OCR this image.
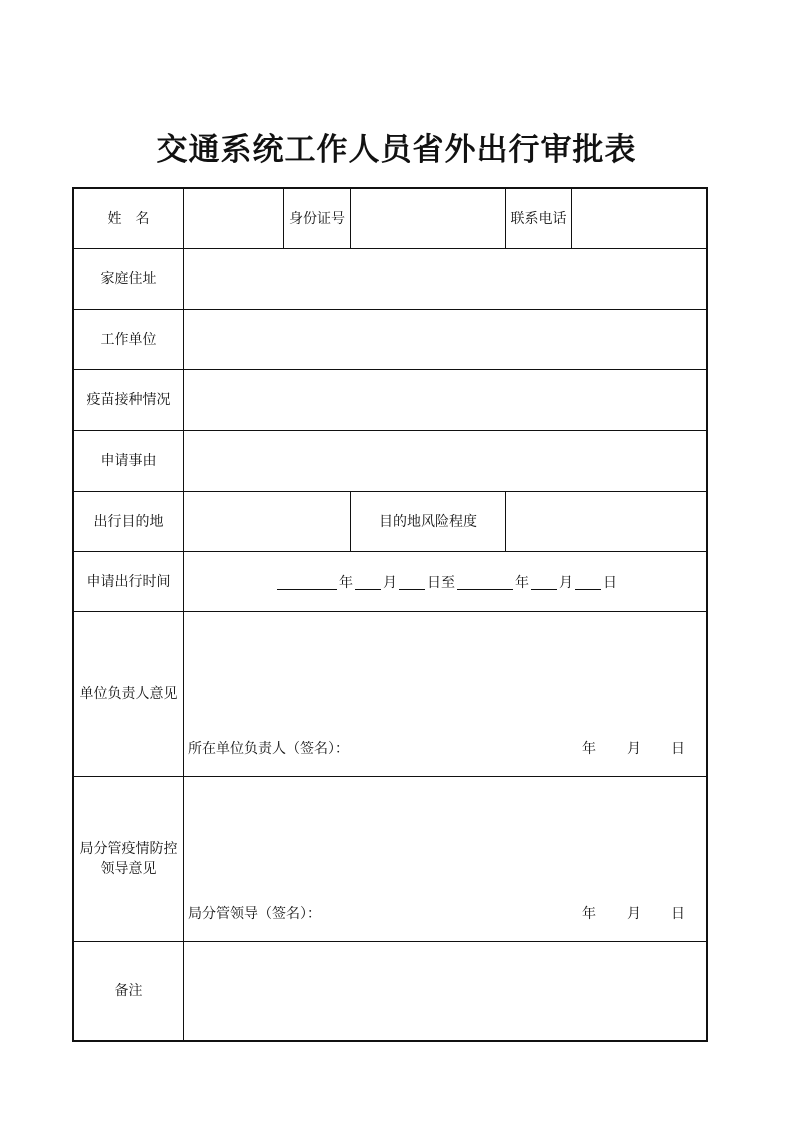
交通系统工作人员省外出行审批表
姓　名	身份证号	联系电话
家庭住址
工作单位
疫苗接种情况
申请事由
出行目的地	目的地风险程度
申请出行时间	年 月 日 至	年 月 日
单位负责人意见
所在单位负责人（签名）：	年 月 日
局分管疫情防控
领导意见
局分管领导（签名）：	年 月 日
备注
